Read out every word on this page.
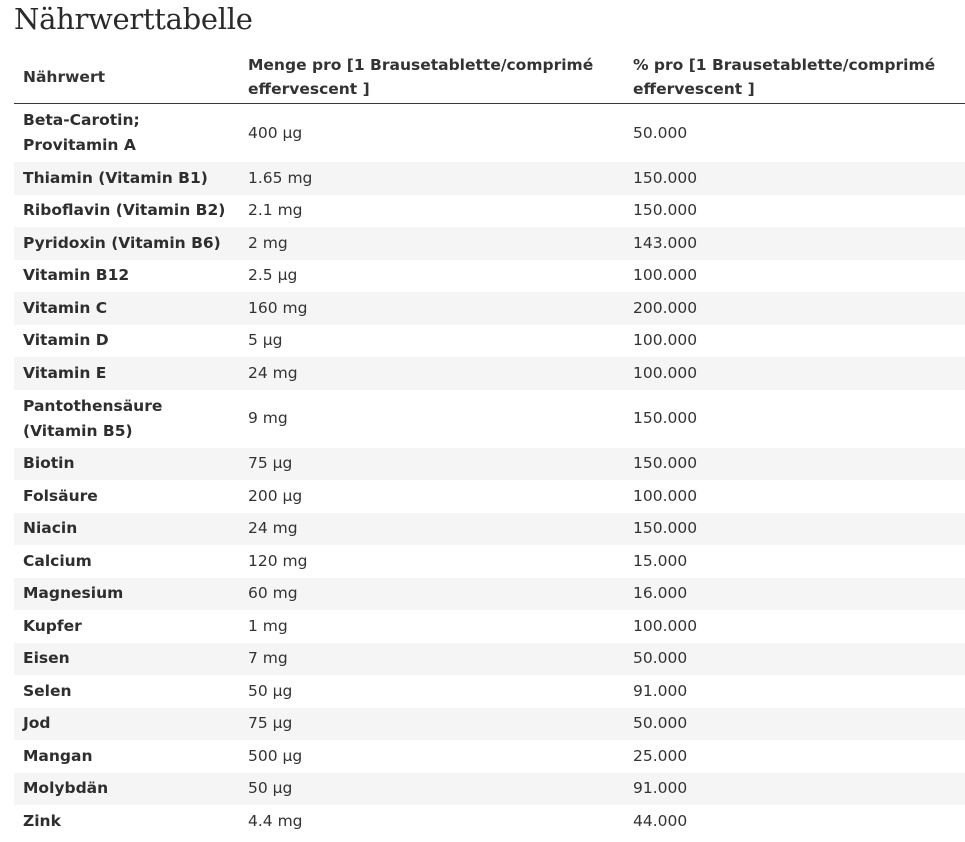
Nährwerttabelle
Nährwert	Menge pro [1 Brausetablette/comprimé effervescent ]	% pro [1 Brausetablette/comprimé effervescent ]
Beta-Carotin; Provitamin A	400 µg	50.000
Thiamin (Vitamin B1)	1.65 mg	150.000
Riboflavin (Vitamin B2)	2.1 mg	150.000
Pyridoxin (Vitamin B6)	2 mg	143.000
Vitamin B12	2.5 µg	100.000
Vitamin C	160 mg	200.000
Vitamin D	5 µg	100.000
Vitamin E	24 mg	100.000
Pantothensäure (Vitamin B5)	9 mg	150.000
Biotin	75 µg	150.000
Folsäure	200 µg	100.000
Niacin	24 mg	150.000
Calcium	120 mg	15.000
Magnesium	60 mg	16.000
Kupfer	1 mg	100.000
Eisen	7 mg	50.000
Selen	50 µg	91.000
Jod	75 µg	50.000
Mangan	500 µg	25.000
Molybdän	50 µg	91.000
Zink	4.4 mg	44.000
